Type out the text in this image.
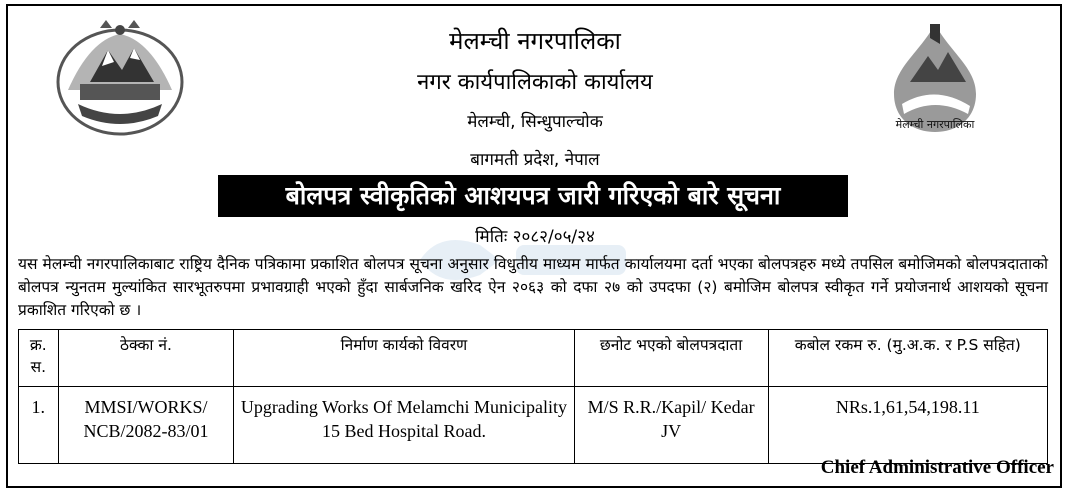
मेलम्ची नगरपालिका
मेलम्ची नगरपालिका
नगर कार्यपालिकाको कार्यालय
मेलम्ची, सिन्धुपाल्चोक
बागमती प्रदेश, नेपाल
बोलपत्र स्वीकृतिको आशयपत्र जारी गरिएको बारे सूचना
मितिः २०८२/०५/२४
यस मेलम्ची नगरपालिकाबाट राष्ट्रिय दैनिक पत्रिकामा प्रकाशित बोलपत्र सूचना अनुसार विधुतीय माध्यम मार्फत कार्यालयमा दर्ता भएका बोलपत्रहरु मध्ये तपसिल बमोजिमको बोलपत्रदाताको बोलपत्र न्युनतम मुल्यांकित सारभूतरुपमा प्रभावग्राही भएको हुँदा सार्बजनिक खरिद ऐन २०६३ को दफा २७ को उपदफा (२) बमोजिम बोलपत्र स्वीकृत गर्ने प्रयोजनार्थ आशयको सूचना प्रकाशित गरिएको छ ।
क्र. स.	ठेक्का नं.	निर्माण कार्यको विवरण	छनोट भएको बोलपत्रदाता	कबोल रकम रु. (मु.अ.क. र P.S सहित)
1.	MMSI/WORKS/ NCB/2082-83/01	Upgrading Works Of Melamchi Municipality 15 Bed Hospital Road.	M/S R.R./Kapil/ Kedar JV	NRs.1,61,54,198.11
Chief Administrative Officer
